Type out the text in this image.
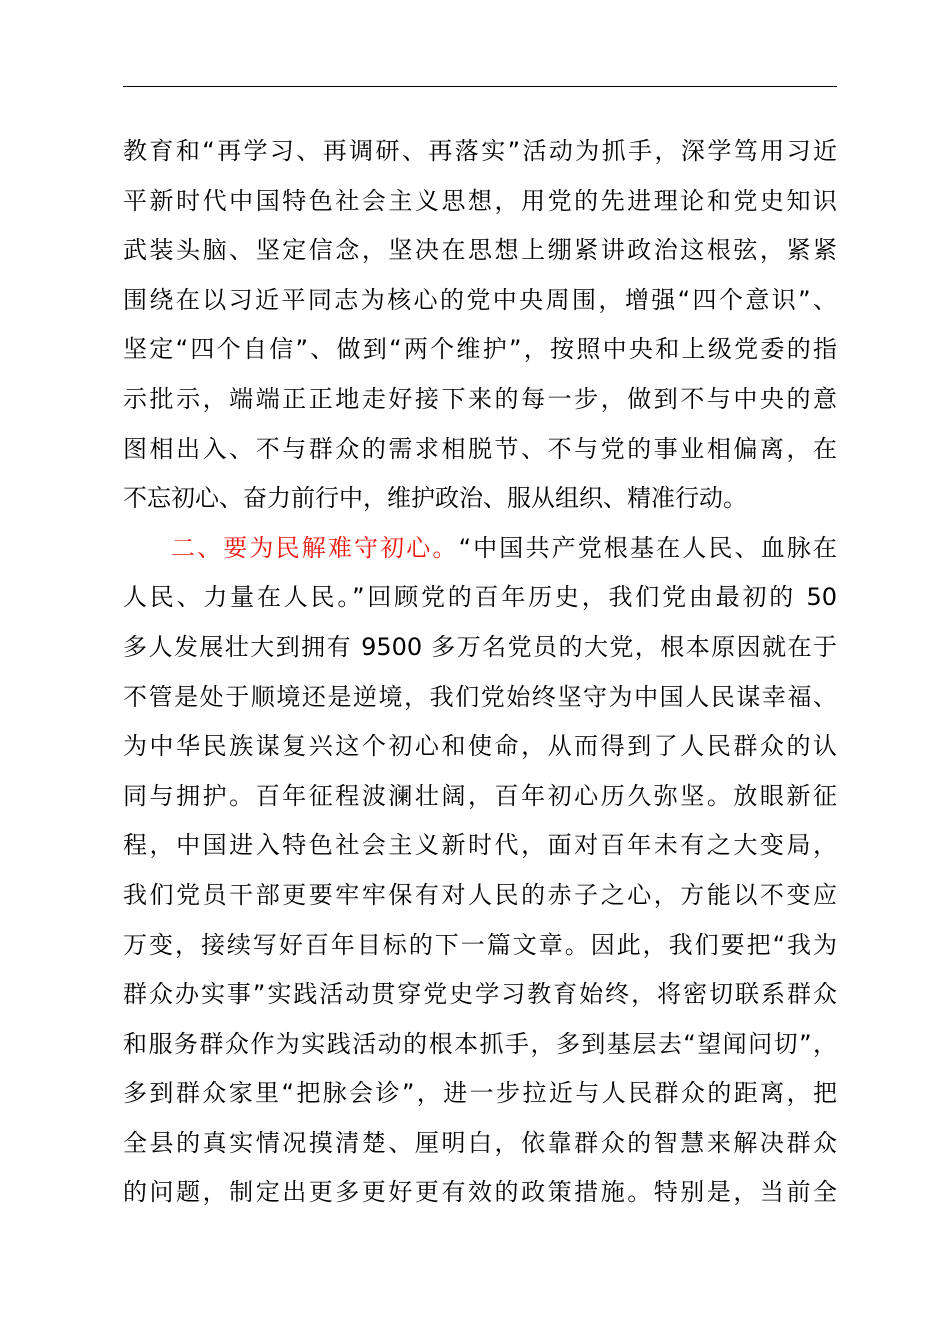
教育和“再学习、再调研、再落实”活动为抓手，深学笃用习近
平新时代中国特色社会主义思想，用党的先进理论和党史知识
武装头脑、坚定信念，坚决在思想上绷紧讲政治这根弦，紧紧
围绕在以习近平同志为核心的党中央周围，增强“四个意识”、
坚定“四个自信”、做到“两个维护”，按照中央和上级党委的指
示批示，端端正正地走好接下来的每一步，做到不与中央的意
图相出入、不与群众的需求相脱节、不与党的事业相偏离，在
不忘初心、奋力前行中，维护政治、服从组织、精准行动。
二、要为民解难守初心。“中国共产党根基在人民、血脉在
人民、力量在人民。”回顾党的百年历史，我们党由最初的 50
多人发展壮大到拥有 9500 多万名党员的大党，根本原因就在于
不管是处于顺境还是逆境，我们党始终坚守为中国人民谋幸福、
为中华民族谋复兴这个初心和使命，从而得到了人民群众的认
同与拥护。百年征程波澜壮阔，百年初心历久弥坚。放眼新征
程，中国进入特色社会主义新时代，面对百年未有之大变局，
我们党员干部更要牢牢保有对人民的赤子之心，方能以不变应
万变，接续写好百年目标的下一篇文章。因此，我们要把“我为
群众办实事”实践活动贯穿党史学习教育始终，将密切联系群众
和服务群众作为实践活动的根本抓手，多到基层去“望闻问切”，
多到群众家里“把脉会诊”，进一步拉近与人民群众的距离，把
全县的真实情况摸清楚、厘明白，依靠群众的智慧来解决群众
的问题，制定出更多更好更有效的政策措施。特别是，当前全
